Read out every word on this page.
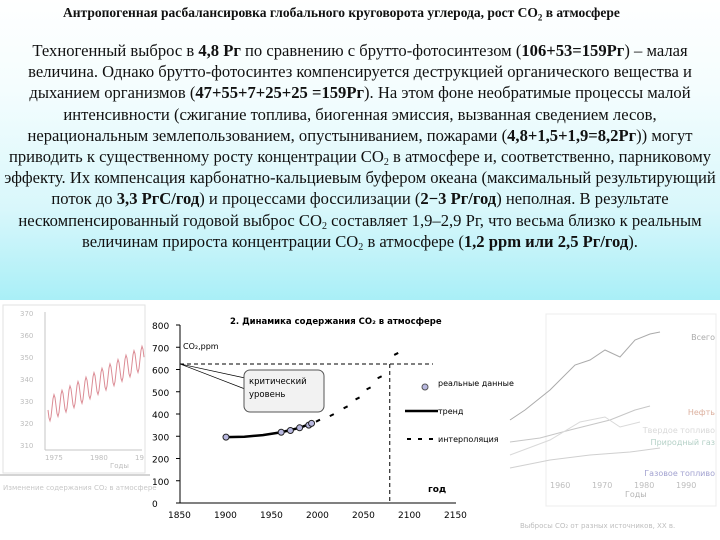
Антропогенная расбалансировка глобального круговорота углерода, рост $CO_2$ в атмосфере
Техногенный выброс в 4,8 Рг по сравнению с брутто-фотосинтезом (106+53=159Рг) – малая величина. Однако брутто-фотосинтез компенсируется деструкцией органического вещества и дыханием организмов (47+55+7+25+25 =159Рг). На этом фоне необратимые процессы малой интенсивности (сжигание топлива, биогенная эмиссия, вызванная сведением лесов, нерациональным землепользованием, опустыниванием, пожарами (4,8+1,5+1,9=8,2Рг)) могут приводить к существенному росту концентрации $СО_2$ в атмосфере и, соответственно, парниковому эффекту. Их компенсация карбонатно-кальциевым буфером океана (максимальный результирующий поток до 3,3 РгС/год) и процессами фоссилизации (2−3 Рг/год) неполная. В результате нескомпенсированный годовой выброс $СО_2$ составляет 1,9–2,9 Рг, что весьма близко к реальным величинам прироста концентрации $СО_2$ в атмосфере (1,2 ppm или 2,5 Рг/год).
370
360
350
340
330
320
310
1975	1980	19
Годы
Изменение содержания CO₂ в атмосфере
Всего
Нефть
Твердое топливо
Природный газ
Газовое топливо
1960	1970	1980	1990
Годы
Выбросы CO₂ от разных источников, XX в.
0
100
200
300
400
500
600
700
800
1850	1900	1950	2000	2050	2100	2150
2. Динамика содержания CO₂ в атмосфере
CO₂,ppm
год
критический уровень
реальные данные
тренд
интерполяция
